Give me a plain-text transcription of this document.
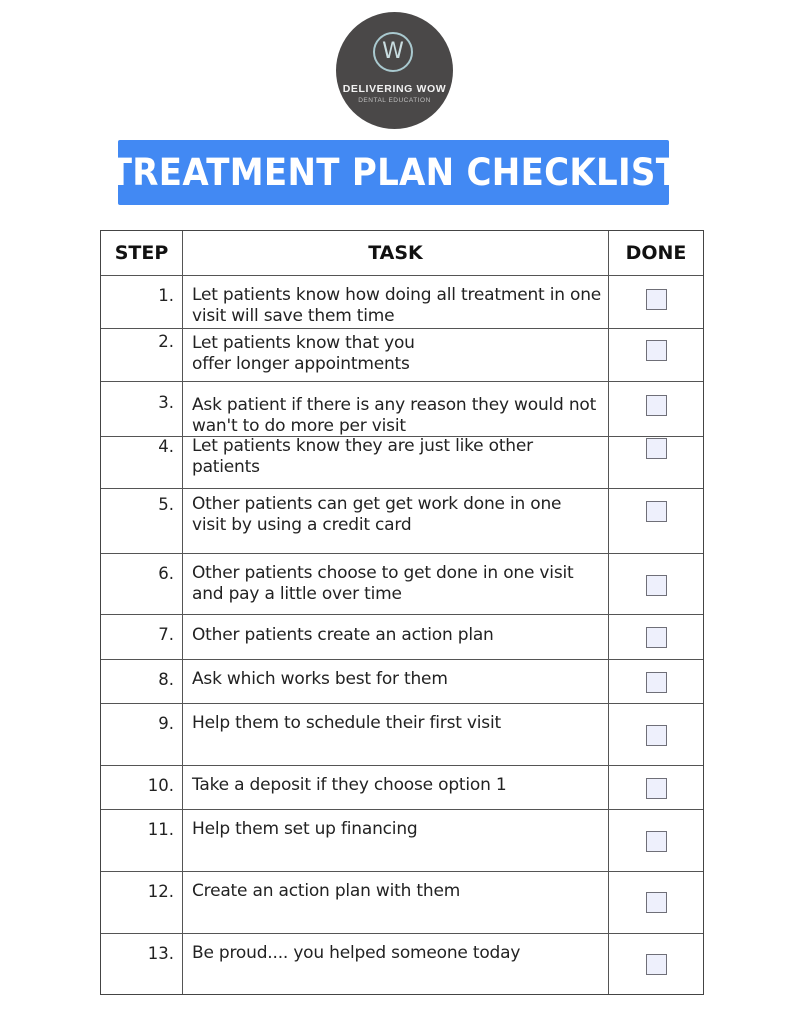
W
DELIVERING WOW
DENTAL EDUCATION
TREATMENT PLAN CHECKLIST
STEP	TASK	DONE
1. Let patients know how doing all treatment in one visit will save them time
2. Let patients know that you offer longer appointments
3. Ask patient if there is any reason they would not wan't to do more per visit
4. Let patients know they are just like other patients
5. Other patients can get get work done in one visit by using a credit card
6. Other patients choose to get done in one visit and pay a little over time
7. Other patients create an action plan
8. Ask which works best for them
9. Help them to schedule their first visit
10. Take a deposit if they choose option 1
11. Help them set up financing
12. Create an action plan with them
13. Be proud.... you helped someone today
